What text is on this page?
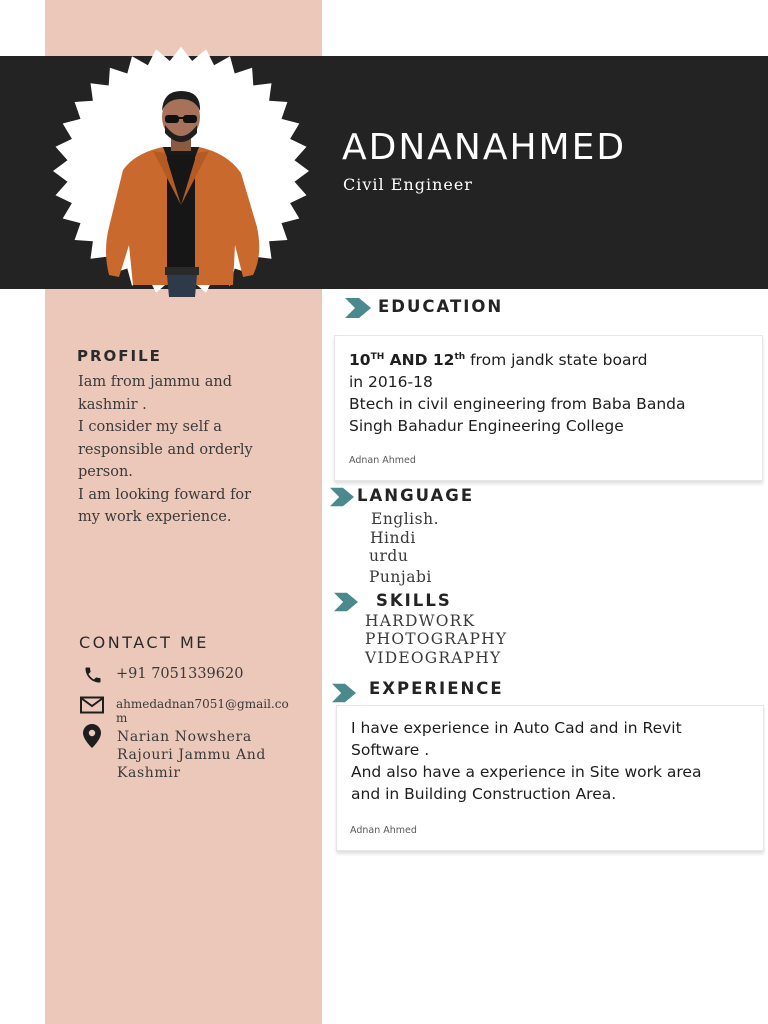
ADNANAHMED
Civil Engineer
PROFILE
Iam from jammu and
kashmir .
I consider my self a
responsible and orderly
person.
I am looking foward for
my work experience.
CONTACT ME
+91 7051339620
ahmedadnan7051@gmail.co
m
Narian Nowshera
Rajouri Jammu And
Kashmir
EDUCATION
10TH AND 12th from jandk state board
in 2016-18
Btech in civil engineering from Baba Banda
Singh Bahadur Engineering College
Adnan Ahmed
LANGUAGE
English.
Hindi
urdu
Punjabi
SKILLS
HARDWORK
PHOTOGRAPHY
VIDEOGRAPHY
EXPERIENCE
I have experience in Auto Cad and in Revit
Software .
And also have a experience in Site work area
and in Building Construction Area.
Adnan Ahmed
